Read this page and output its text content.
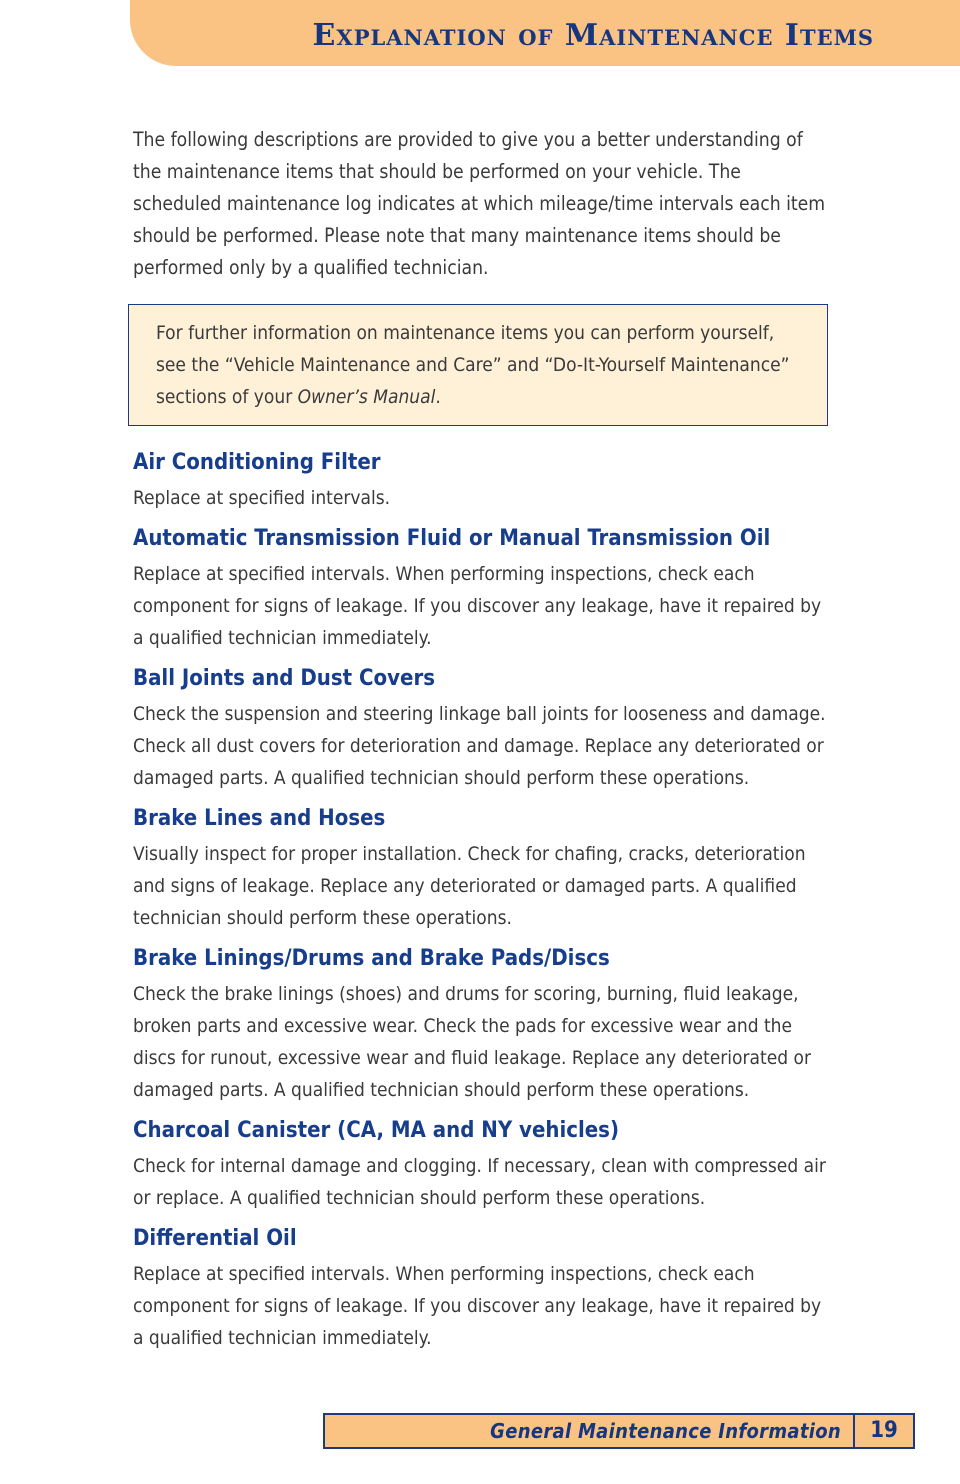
Explanation of Maintenance Items

The following descriptions are provided to give you a better understanding of the maintenance items that should be performed on your vehicle. The scheduled maintenance log indicates at which mileage/time intervals each item should be performed. Please note that many maintenance items should be performed only by a qualified technician.

For further information on maintenance items you can perform yourself, see the “Vehicle Maintenance and Care” and “Do-It-Yourself Maintenance” sections of your Owner’s Manual.
Air Conditioning Filter

Replace at specified intervals.

Automatic Transmission Fluid or Manual Transmission Oil

Replace at specified intervals. When performing inspections, check each component for signs of leakage. If you discover any leakage, have it repaired by a qualified technician immediately.

Ball Joints and Dust Covers

Check the suspension and steering linkage ball joints for looseness and damage. Check all dust covers for deterioration and damage. Replace any deteriorated or damaged parts. A qualified technician should perform these operations.

Brake Lines and Hoses

Visually inspect for proper installation. Check for chafing, cracks, deterioration and signs of leakage. Replace any deteriorated or damaged parts. A qualified technician should perform these operations.

Brake Linings/Drums and Brake Pads/Discs

Check the brake linings (shoes) and drums for scoring, burning, fluid leakage, broken parts and excessive wear. Check the pads for excessive wear and the discs for runout, excessive wear and fluid leakage. Replace any deteriorated or damaged parts. A qualified technician should perform these operations.

Charcoal Canister (CA, MA and NY vehicles)

Check for internal damage and clogging. If necessary, clean with compressed air or replace. A qualified technician should perform these operations.

Differential Oil

Replace at specified intervals. When performing inspections, check each component for signs of leakage. If you discover any leakage, have it repaired by a qualified technician immediately.

General Maintenance Information	19
